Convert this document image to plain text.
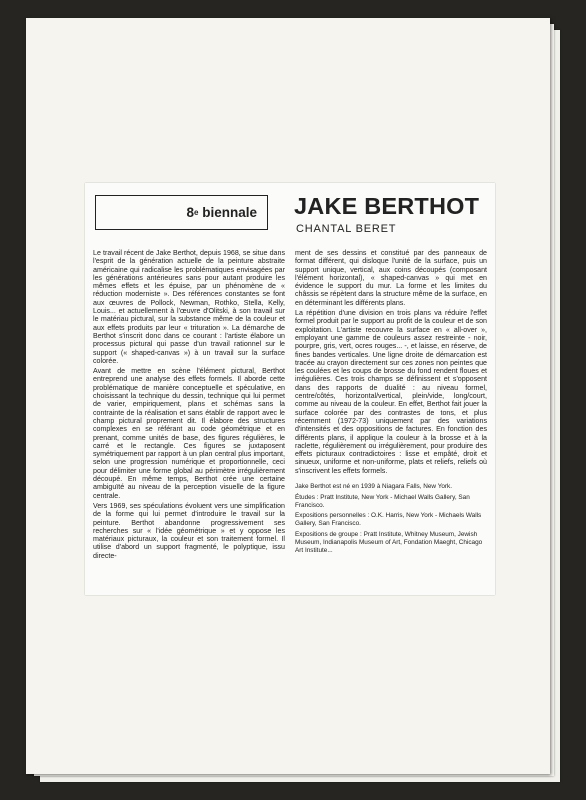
8 e
biennale JAKE BERTHOT
CHANTAL BERET

Le travail récent de Jake Berthot, depuis 1968, se situe dans l'esprit de la génération actuelle de la peinture abstraite américaine qui radicalise les problématiques envisagées par les générations antérieures sans pour autant produire les mêmes effets et les épuise, par un phénomène de « réduction moderniste ». Des références constantes se font aux œuvres de Pollock, Newman, Rothko, Stella, Kelly, Louis... et actuellement à l'œuvre d'Olitski, à son travail sur le matériau pictural, sur la substance même de la couleur et aux effets produits par leur « trituration ». La démarche de Berthot s'inscrit donc dans ce courant : l'artiste élabore un processus pictural qui passe d'un travail rationnel sur le support (« shaped-canvas ») à un travail sur la surface colorée.

Avant de mettre en scène l'élément pictural, Berthot entreprend une analyse des effets formels. Il aborde cette problématique de manière conceptuelle et spéculative, en choisissant la technique du dessin, technique qui lui permet de varier, empiriquement, plans et schémas sans la contrainte de la réalisation et sans établir de rapport avec le champ pictural proprement dit. Il élabore des structures complexes en se référant au code géométrique et en prenant, comme unités de base, des figures régulières, le carré et le rectangle. Ces figures se juxtaposent symétriquement par rapport à un plan central plus important, selon une progression numérique et proportionnelle, ceci pour délimiter une forme global au périmètre irrégulièrement découpé. En même temps, Berthot crée une certaine ambiguïté au niveau de la perception visuelle de la figure centrale.

Vers 1969, ses spéculations évoluent vers une simplification de la forme qui lui permet d'introduire le travail sur la peinture. Berthot abandonne progressivement ses recherches sur « l'idée géométrique » et y oppose les matériaux picturaux, la couleur et son traitement formel. Il utilise d'abord un support fragmenté, le polyptique, issu directe-

ment de ses dessins et constitué par des panneaux de format différent, qui disloque l'unité de la surface, puis un support unique, vertical, aux coins découpés (composant l'élément horizontal), « shaped-canvas » qui met en évidence le support du mur. La forme et les limites du châssis se répètent dans la structure même de la surface, en en déterminant les différents plans.

La répétition d'une division en trois plans va réduire l'effet formel produit par le support au profit de la couleur et de son exploitation. L'artiste recouvre la surface en « all-over », employant une gamme de couleurs assez restreinte - noir, pourpre, gris, vert, ocres rouges... -, et laisse, en réserve, de fines bandes verticales. Une ligne droite de démarcation est tracée au crayon directement sur ces zones non peintes que les coulées et les coups de brosse du fond rendent floues et irrégulières. Ces trois champs se définissent et s'opposent dans des rapports de dualité : au niveau formel, centre/côtés, horizontal/vertical, plein/vide, long/court, comme au niveau de la couleur. En effet, Berthot fait jouer la surface colorée par des contrastes de tons, et plus récemment (1972-73) uniquement par des variations d'intensités et des oppositions de factures. En fonction des différents plans, il applique la couleur à la brosse et à la raclette, régulièrement ou irrégulièrement, pour produire des effets picturaux contradictoires : lisse et empâté, droit et sinueux, uniforme et non-uniforme, plats et reliefs, reliefs où s'inscrivent les effets formels.

Jake Berthot est né en 1939 à Niagara Falls, New York.

Études : Pratt Institute, New York - Michael Walls Gallery, San Francisco.

Expositions personnelles : O.K. Harris, New York - Michaels Walls Gallery, San Francisco.

Expositions de groupe : Pratt Institute, Whitney Museum, Jewish Museum, Indianapolis Museum of Art, Fondation Maeght, Chicago Art Institute...
